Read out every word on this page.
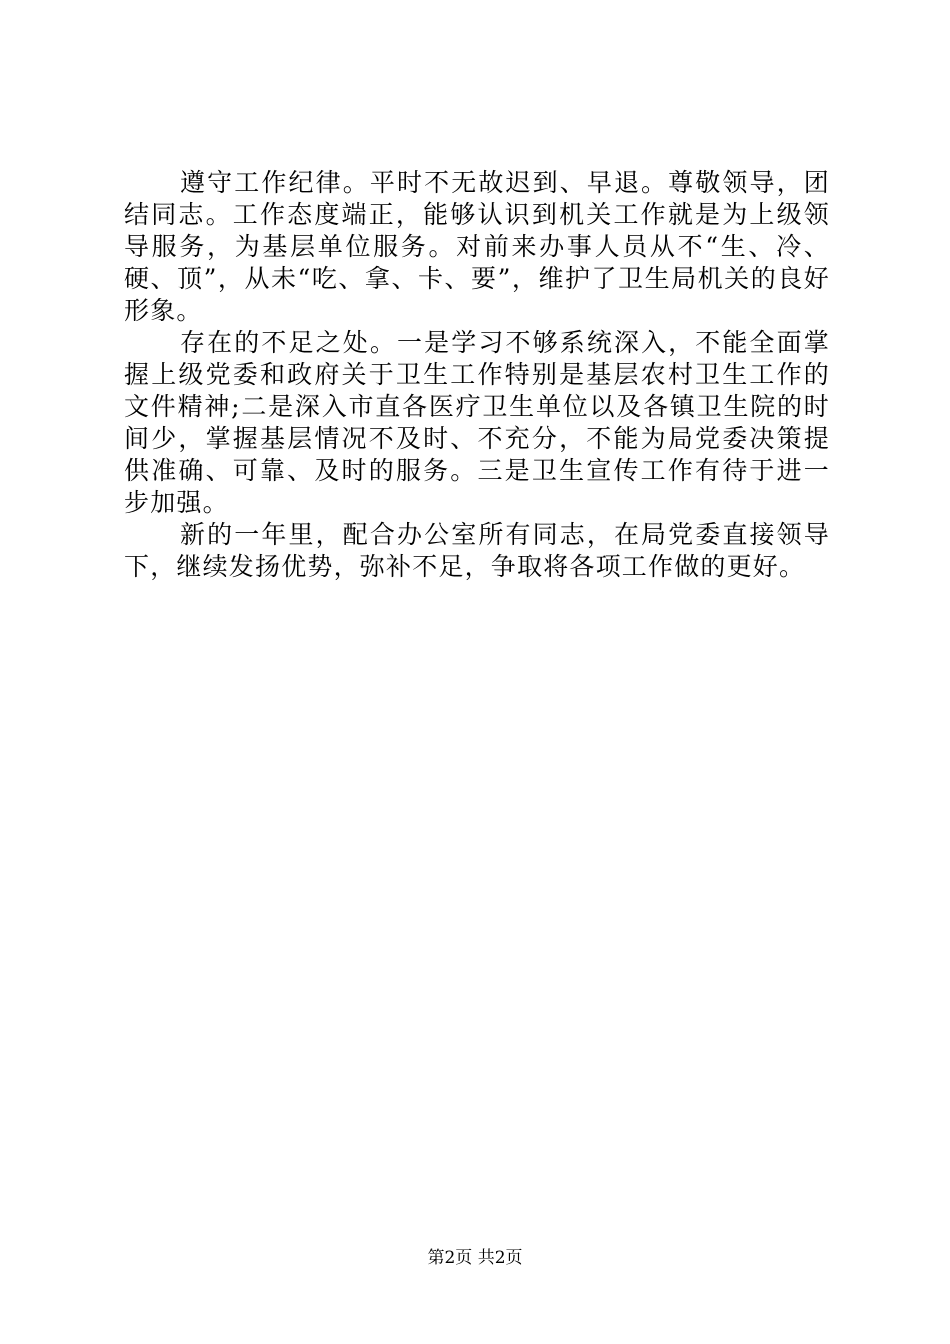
遵守工作纪律。平时不无故迟到、早退。尊敬领导，团结同志。工作态度端正，能够认识到机关工作就是为上级领导服务，为基层单位服务。对前来办事人员从不“生、冷、硬、顶”，从未“吃、拿、卡、要”，维护了卫生局机关的良好形象。

存在的不足之处。一是学习不够系统深入，不能全面掌握上级党委和政府关于卫生工作特别是基层农村卫生工作的文件精神;二是深入市直各医疗卫生单位以及各镇卫生院的时间少，掌握基层情况不及时、不充分，不能为局党委决策提供准确、可靠、及时的服务。三是卫生宣传工作有待于进一步加强。

新的一年里，配合办公室所有同志，在局党委直接领导下，继续发扬优势，弥补不足，争取将各项工作做的更好。

第2页 共2页
